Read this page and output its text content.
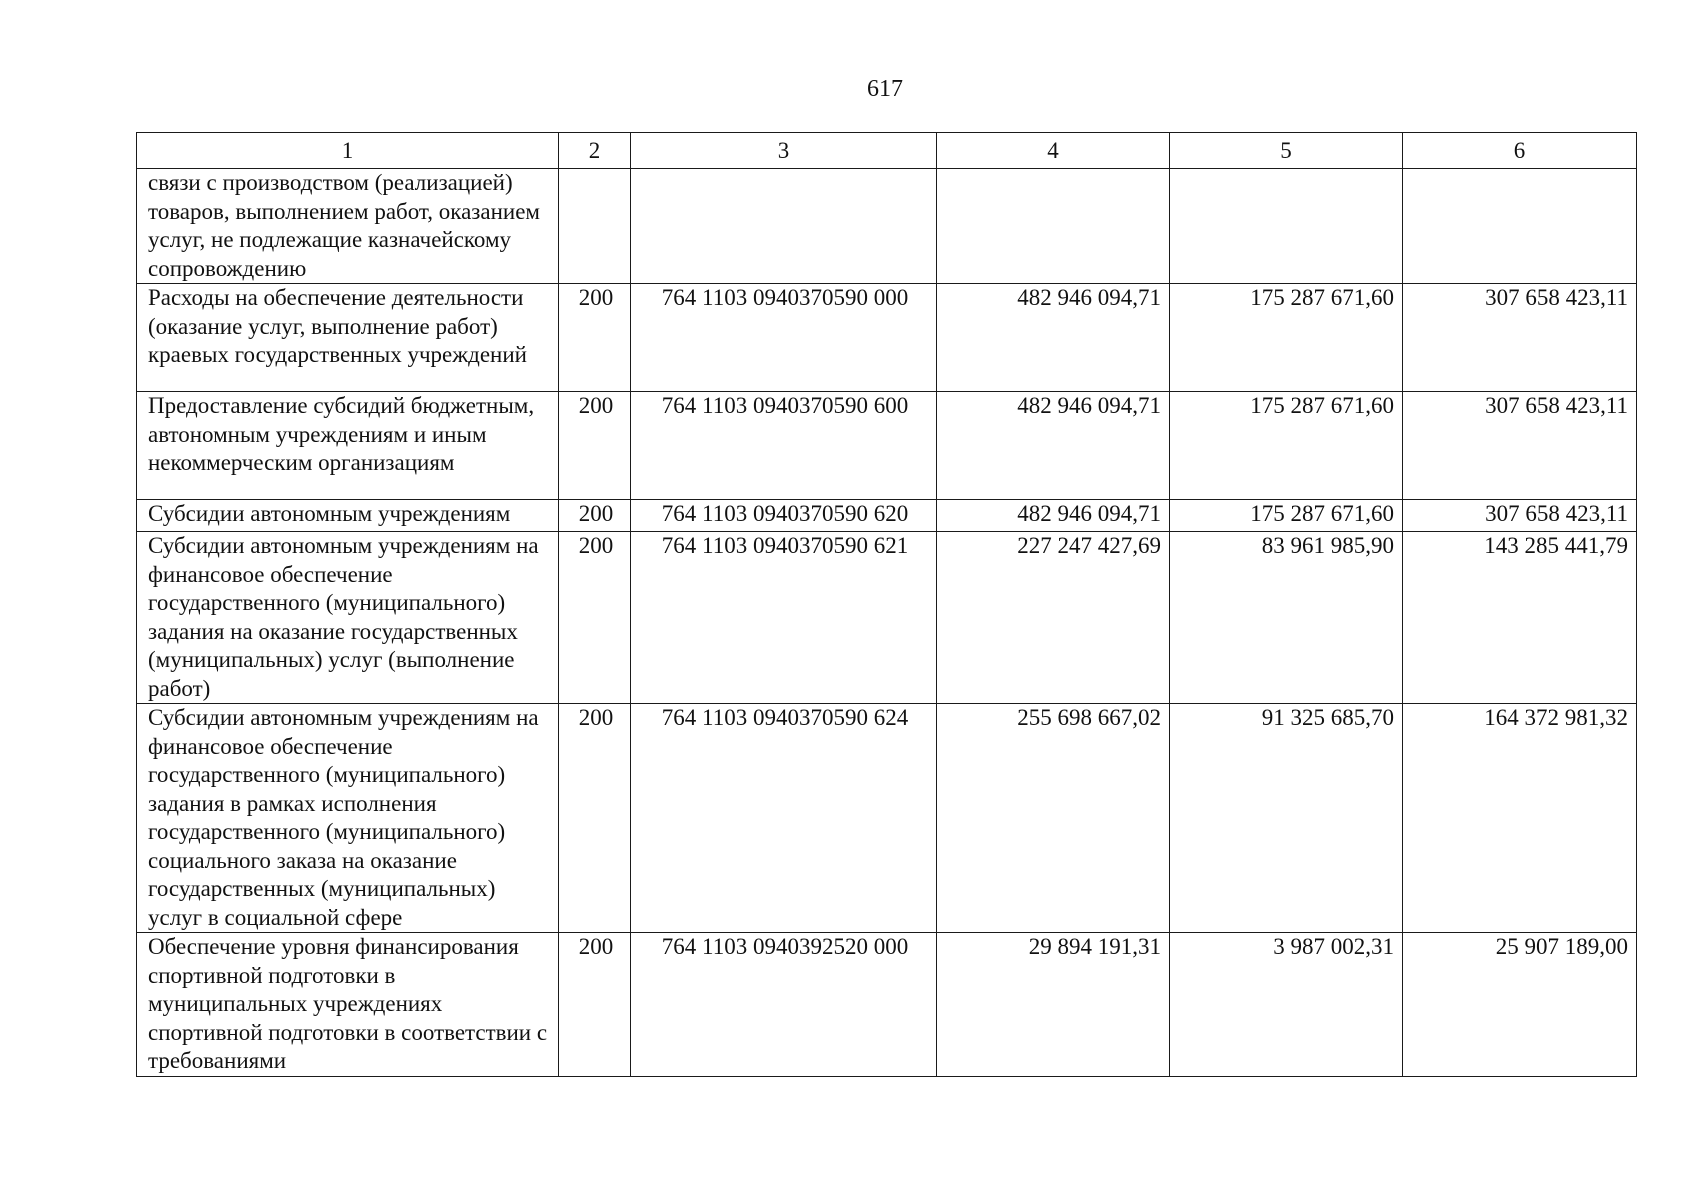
617
1	2	3	4	5	6
связи с производством (реализацией) товаров, выполнением работ, оказанием услуг, не подлежащие казначейскому сопровождению					
Расходы на обеспечение деятельности (оказание услуг, выполнение работ) краевых государственных учреждений	200	764 1103 0940370590 000	482 946 094,71	175 287 671,60	307 658 423,11
Предоставление субсидий бюджетным, автономным учреждениям и иным некоммерческим организациям	200	764 1103 0940370590 600	482 946 094,71	175 287 671,60	307 658 423,11
Субсидии автономным учреждениям	200	764 1103 0940370590 620	482 946 094,71	175 287 671,60	307 658 423,11
Субсидии автономным учреждениям на финансовое обеспечение государственного (муниципального) задания на оказание государственных (муниципальных) услуг (выполнение работ)	200	764 1103 0940370590 621	227 247 427,69	83 961 985,90	143 285 441,79
Субсидии автономным учреждениям на финансовое обеспечение государственного (муниципального) задания в рамках исполнения государственного (муниципального) социального заказа на оказание государственных (муниципальных) услуг в социальной сфере	200	764 1103 0940370590 624	255 698 667,02	91 325 685,70	164 372 981,32
Обеспечение уровня финансирования спортивной подготовки в муниципальных учреждениях спортивной подготовки в соответствии с требованиями	200	764 1103 0940392520 000	29 894 191,31	3 987 002,31	25 907 189,00
